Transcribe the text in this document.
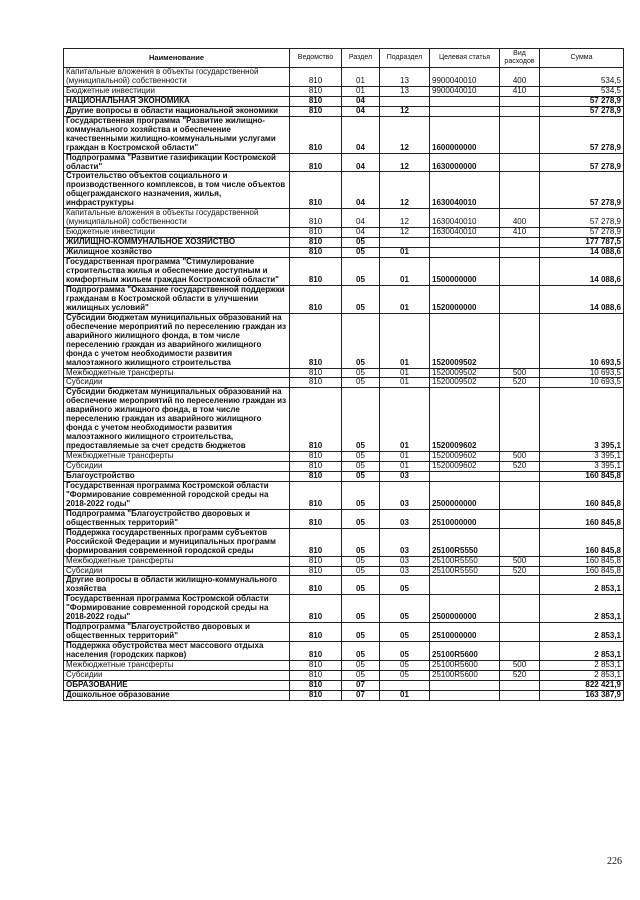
Наименование	Ведомство	Раздел	Подраздел	Целевая статья	Вид расходов	Сумма
Капитальные вложения в объекты государственной (муниципальной) собственности	810	01	13	9900040010	400	534,5
Бюджетные инвестиции	810	01	13	9900040010	410	534,5
НАЦИОНАЛЬНАЯ ЭКОНОМИКА	810	04				57 278,9
Другие вопросы в области национальной экономики	810	04	12			57 278,9
Государственная программа "Развитие жилищно-коммунального хозяйства и обеспечение качественными жилищно-коммунальными услугами граждан в Костромской области"	810	04	12	1600000000		57 278,9
Подпрограмма "Развитие газификации Костромской области"	810	04	12	1630000000		57 278,9
Строительство объектов социального и производственного комплексов, в том числе объектов общегражданского назначения, жилья, инфраструктуры	810	04	12	1630040010		57 278,9
Капитальные вложения в объекты государственной (муниципальной) собственности	810	04	12	1630040010	400	57 278,9
Бюджетные инвестиции	810	04	12	1630040010	410	57 278,9
ЖИЛИЩНО-КОММУНАЛЬНОЕ ХОЗЯЙСТВО	810	05				177 787,5
Жилищное хозяйство	810	05	01			14 088,6
Государственная программа "Стимулирование строительства жилья и обеспечение доступным и комфортным жильем граждан Костромской области"	810	05	01	1500000000		14 088,6
Подпрограмма "Оказание государственной поддержки гражданам в Костромской области в улучшении жилищных условий"	810	05	01	1520000000		14 088,6
Субсидии бюджетам муниципальных образований на обеспечение мероприятий по переселению граждан из аварийного жилищного фонда, в том числе переселению граждан из аварийного жилищного фонда с учетом необходимости развития малоэтажного жилищного строительства	810	05	01	1520009502		10 693,5
Межбюджетные трансферты	810	05	01	1520009502	500	10 693,5
Субсидии	810	05	01	1520009502	520	10 693,5
Субсидии бюджетам муниципальных образований на обеспечение мероприятий по переселению граждан из аварийного жилищного фонда, в том числе переселению граждан из аварийного жилищного фонда с учетом необходимости развития малоэтажного жилищного строительства, предоставляемые за счет средств бюджетов	810	05	01	1520009602		3 395,1
Межбюджетные трансферты	810	05	01	1520009602	500	3 395,1
Субсидии	810	05	01	1520009602	520	3 395,1
Благоустройство	810	05	03			160 845,8
Государственная программа Костромской области "Формирование современной городской среды на 2018-2022 годы"	810	05	03	2500000000		160 845,8
Подпрограмма "Благоустройство дворовых и общественных территорий"	810	05	03	2510000000		160 845,8
Поддержка государственных программ субъектов Российской Федерации и муниципальных программ формирования современной городской среды	810	05	03	25100R5550		160 845,8
Межбюджетные трансферты	810	05	03	25100R5550	500	160 845,8
Субсидии	810	05	03	25100R5550	520	160 845,8
Другие вопросы в области жилищно-коммунального хозяйства	810	05	05			2 853,1
Государственная программа Костромской области "Формирование современной городской среды на 2018-2022 годы"	810	05	05	2500000000		2 853,1
Подпрограмма "Благоустройство дворовых и общественных территорий"	810	05	05	2510000000		2 853,1
Поддержка обустройства мест массового отдыха населения (городских парков)	810	05	05	25100R5600		2 853,1
Межбюджетные трансферты	810	05	05	25100R5600	500	2 853,1
Субсидии	810	05	05	25100R5600	520	2 853,1
ОБРАЗОВАНИЕ	810	07				822 421,9
Дошкольное образование	810	07	01			163 387,9
226
